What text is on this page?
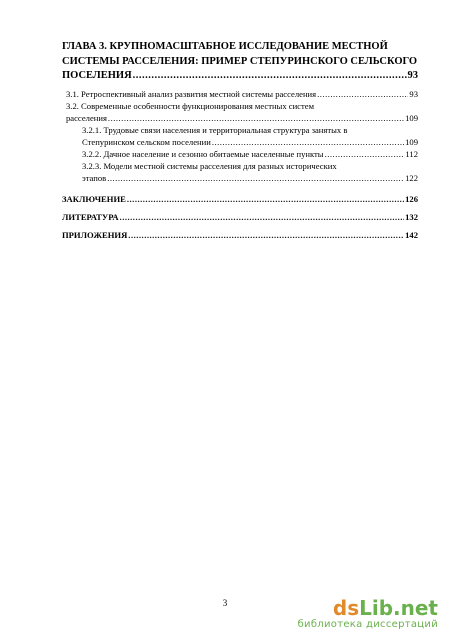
ГЛАВА 3. КРУПНОМАСШТАБНОЕ ИССЛЕДОВАНИЕ МЕСТНОЙ

СИСТЕМЫ РАССЕЛЕНИЯ: ПРИМЕР СТЕПУРИНСКОГО СЕЛЬСКОГО

ПОСЕЛЕНИЯ .....	93
3.1. Ретроспективный анализ развития местной системы расселения .....	93
3.2. Современные особенности функционирования местных систем
расселения .....	109
3.2.1. Трудовые связи населения и территориальная структура занятых в
Степуринском сельском поселении .....	109
3.2.2. Дачное население и сезонно обитаемые населенные пункты .....	112
3.2.3. Модели местной системы расселения для разных исторических
этапов .....	122
ЗАКЛЮЧЕНИЕ .....	126
ЛИТЕРАТУРА .....	132
ПРИЛОЖЕНИЯ .....	142
3	dsLib.net
библиотека диссертаций
